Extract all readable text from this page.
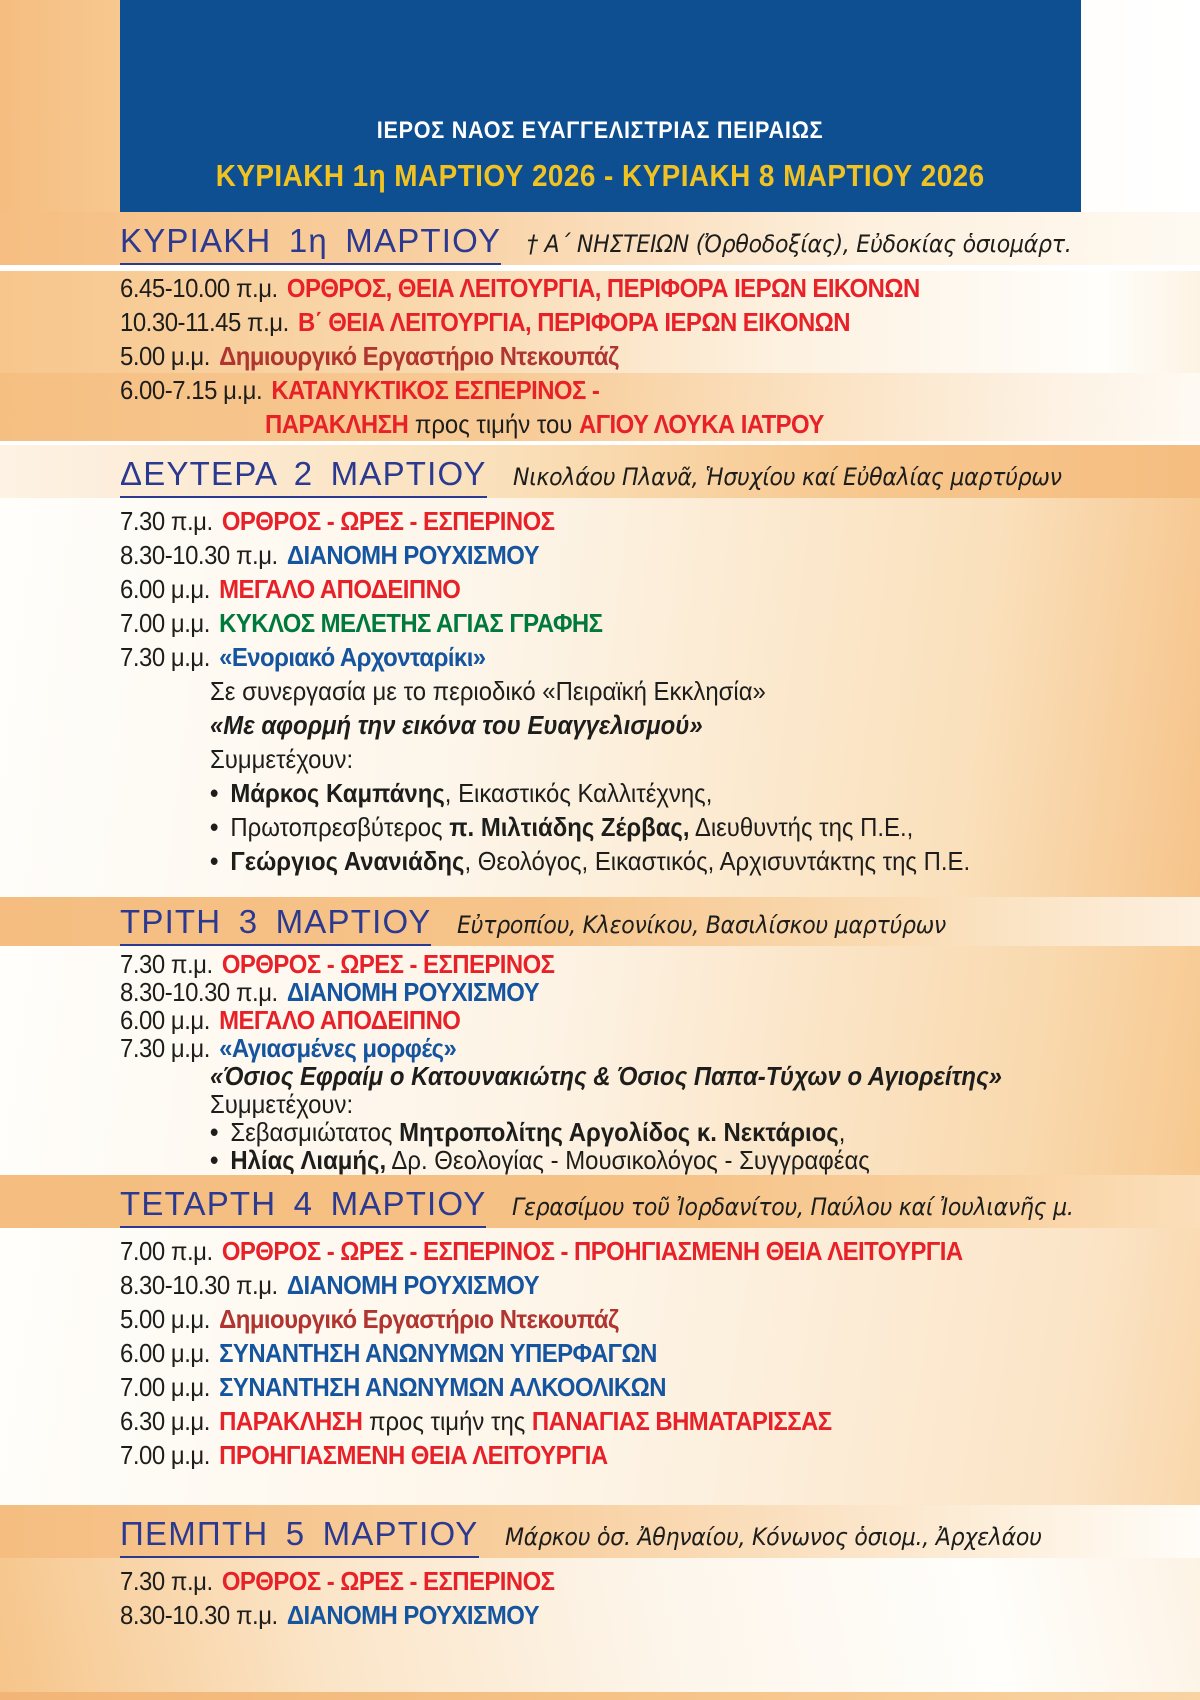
ΙΕΡΟΣ ΝΑΟΣ ΕΥΑΓΓΕΛΙΣΤΡΙΑΣ ΠΕΙΡΑΙΩΣ
ΚΥΡΙΑΚΗ 1η ΜΑΡΤΙΟΥ 2026 - ΚΥΡΙΑΚΗ 8 ΜΑΡΤΙΟΥ 2026
ΚΥΡΙΑΚΗ 1η ΜΑΡΤΙΟΥ † Α΄ ΝΗΣΤΕΙΩΝ (Ὀρθοδοξίας), Εὐδοκίας ὁσιομάρτ.
6.45-10.00 π.μ. ΟΡΘΡΟΣ, ΘΕΙΑ ΛΕΙΤΟΥΡΓΙΑ, ΠΕΡΙΦΟΡΑ ΙΕΡΩΝ ΕΙΚΟΝΩΝ
10.30-11.45 π.μ. Β΄ ΘΕΙΑ ΛΕΙΤΟΥΡΓΙΑ, ΠΕΡΙΦΟΡΑ ΙΕΡΩΝ ΕΙΚΟΝΩΝ
5.00 μ.μ. Δημιουργικό Εργαστήριο Ντεκουπάζ
6.00-7.15 μ.μ. ΚΑΤΑΝΥΚΤΙΚΟΣ ΕΣΠΕΡΙΝΟΣ -
ΠΑΡΑΚΛΗΣΗ προς τιμήν του ΑΓΙΟΥ ΛΟΥΚΑ ΙΑΤΡΟΥ
ΔΕΥΤΕΡΑ 2 ΜΑΡΤΙΟΥ Νικολάου Πλανᾶ, Ἡσυχίου καί Εὐθαλίας μαρτύρων
7.30 π.μ. ΟΡΘΡΟΣ - ΩΡΕΣ - ΕΣΠΕΡΙΝΟΣ
8.30-10.30 π.μ. ΔΙΑΝΟΜΗ ΡΟΥΧΙΣΜΟΥ
6.00 μ.μ. ΜΕΓΑΛΟ ΑΠΟΔΕΙΠΝΟ
7.00 μ.μ. ΚΥΚΛΟΣ ΜΕΛΕΤΗΣ ΑΓΙΑΣ ΓΡΑΦΗΣ
7.30 μ.μ. «Ενοριακό Αρχονταρίκι»
Σε συνεργασία με το περιοδικό «Πειραϊκή Εκκλησία»
«Με αφορμή την εικόνα του Ευαγγελισμού»
Συμμετέχουν:
• Μάρκος Καμπάνης, Εικαστικός Καλλιτέχνης,
• Πρωτοπρεσβύτερος π. Μιλτιάδης Ζέρβας, Διευθυντής της Π.Ε.,
• Γεώργιος Ανανιάδης, Θεολόγος, Εικαστικός, Αρχισυντάκτης της Π.Ε.
ΤΡΙΤΗ 3 ΜΑΡΤΙΟΥ Εὐτροπίου, Κλεονίκου, Βασιλίσκου μαρτύρων
7.30 π.μ. ΟΡΘΡΟΣ - ΩΡΕΣ - ΕΣΠΕΡΙΝΟΣ
8.30-10.30 π.μ. ΔΙΑΝΟΜΗ ΡΟΥΧΙΣΜΟΥ
6.00 μ.μ. ΜΕΓΑΛΟ ΑΠΟΔΕΙΠΝΟ
7.30 μ.μ. «Αγιασμένες μορφές»
«Όσιος Εφραίμ ο Κατουνακιώτης & Όσιος Παπα-Τύχων ο Αγιορείτης»
Συμμετέχουν:
• Σεβασμιώτατος Μητροπολίτης Αργολίδος κ. Νεκτάριος,
• Ηλίας Λιαμής, Δρ. Θεολογίας - Μουσικολόγος - Συγγραφέας
ΤΕΤΑΡΤΗ 4 ΜΑΡΤΙΟΥ Γερασίμου τοῦ Ἰορδανίτου, Παύλου καί Ἰουλιανῆς μ.
7.00 π.μ. ΟΡΘΡΟΣ - ΩΡΕΣ - ΕΣΠΕΡΙΝΟΣ - ΠΡΟΗΓΙΑΣΜΕΝΗ ΘΕΙΑ ΛΕΙΤΟΥΡΓΙΑ
8.30-10.30 π.μ. ΔΙΑΝΟΜΗ ΡΟΥΧΙΣΜΟΥ
5.00 μ.μ. Δημιουργικό Εργαστήριο Ντεκουπάζ
6.00 μ.μ. ΣΥΝΑΝΤΗΣΗ ΑΝΩΝΥΜΩΝ ΥΠΕΡΦΑΓΩΝ
7.00 μ.μ. ΣΥΝΑΝΤΗΣΗ ΑΝΩΝΥΜΩΝ ΑΛΚΟΟΛΙΚΩΝ
6.30 μ.μ. ΠΑΡΑΚΛΗΣΗ προς τιμήν της ΠΑΝΑΓΙΑΣ ΒΗΜΑΤΑΡΙΣΣΑΣ
7.00 μ.μ. ΠΡΟΗΓΙΑΣΜΕΝΗ ΘΕΙΑ ΛΕΙΤΟΥΡΓΙΑ
ΠΕΜΠΤΗ 5 ΜΑΡΤΙΟΥ Μάρκου ὁσ. Ἀθηναίου, Κόνωνος ὁσιομ., Ἀρχελάου
7.30 π.μ. ΟΡΘΡΟΣ - ΩΡΕΣ - ΕΣΠΕΡΙΝΟΣ
8.30-10.30 π.μ. ΔΙΑΝΟΜΗ ΡΟΥΧΙΣΜΟΥ
